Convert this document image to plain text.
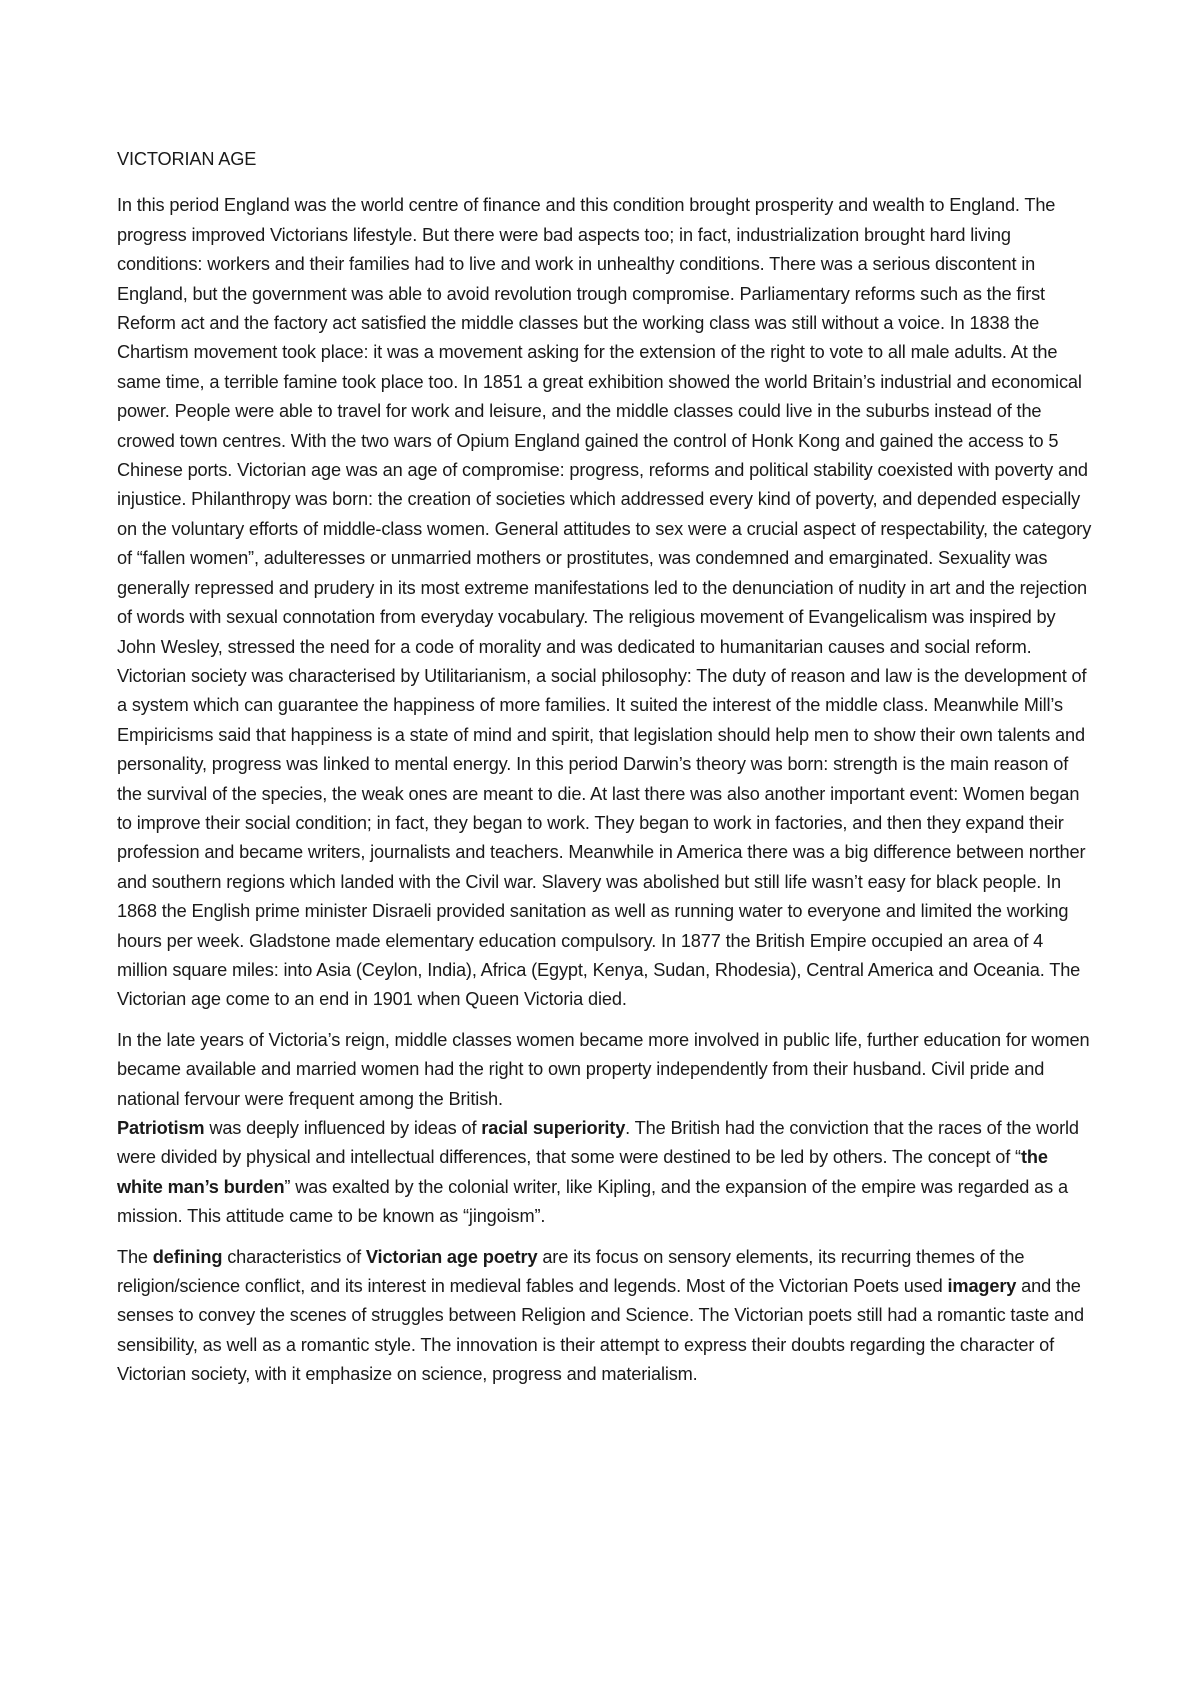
VICTORIAN AGE

In this period England was the world centre of finance and this condition brought prosperity and wealth to England. The progress improved Victorians lifestyle. But there were bad aspects too; in fact, industrialization brought hard living conditions: workers and their families had to live and work in unhealthy conditions. There was a serious discontent in England, but the government was able to avoid revolution trough compromise. Parliamentary reforms such as the first Reform act and the factory act satisfied the middle classes but the working class was still without a voice. In 1838 the Chartism movement took place: it was a movement asking for the extension of the right to vote to all male adults. At the same time, a terrible famine took place too. In 1851 a great exhibition showed the world Britain’s industrial and economical power. People were able to travel for work and leisure, and the middle classes could live in the suburbs instead of the crowed town centres. With the two wars of Opium England gained the control of Honk Kong and gained the access to 5 Chinese ports. Victorian age was an age of compromise: progress, reforms and political stability coexisted with poverty and injustice. Philanthropy was born: the creation of societies which addressed every kind of poverty, and depended especially on the voluntary efforts of middle-class women. General attitudes to sex were a crucial aspect of respectability, the category of “fallen women”, adulteresses or unmarried mothers or prostitutes, was condemned and emarginated. Sexuality was generally repressed and prudery in its most extreme manifestations led to the denunciation of nudity in art and the rejection of words with sexual connotation from everyday vocabulary. The religious movement of Evangelicalism was inspired by John Wesley, stressed the need for a code of morality and was dedicated to humanitarian causes and social reform. Victorian society was characterised by Utilitarianism, a social philosophy: The duty of reason and law is the development of a system which can guarantee the happiness of more families. It suited the interest of the middle class. Meanwhile Mill’s Empiricisms said that happiness is a state of mind and spirit, that legislation should help men to show their own talents and personality, progress was linked to mental energy. In this period Darwin’s theory was born: strength is the main reason of the survival of the species, the weak ones are meant to die. At last there was also another important event: Women began to improve their social condition; in fact, they began to work. They began to work in factories, and then they expand their profession and became writers, journalists and teachers. Meanwhile in America there was a big difference between norther and southern regions which landed with the Civil war. Slavery was abolished but still life wasn’t easy for black people. In 1868 the English prime minister Disraeli provided sanitation as well as running water to everyone and limited the working hours per week. Gladstone made elementary education compulsory. In 1877 the British Empire occupied an area of 4 million square miles: into Asia (Ceylon, India), Africa (Egypt, Kenya, Sudan, Rhodesia), Central America and Oceania. The Victorian age come to an end in 1901 when Queen Victoria died.

In the late years of Victoria’s reign, middle classes women became more involved in public life, further education for women became available and married women had the right to own property independently from their husband. Civil pride and national fervour were frequent among the British.

Patriotism was deeply influenced by ideas of racial superiority. The British had the conviction that the races of the world were divided by physical and intellectual differences, that some were destined to be led by others. The concept of “the white man’s burden” was exalted by the colonial writer, like Kipling, and the expansion of the empire was regarded as a mission. This attitude came to be known as “jingoism”.

The defining characteristics of Victorian age poetry are its focus on sensory elements, its recurring themes of the religion/science conflict, and its interest in medieval fables and legends. Most of the Victorian Poets used imagery and the senses to convey the scenes of struggles between Religion and Science. The Victorian poets still had a romantic taste and sensibility, as well as a romantic style. The innovation is their attempt to express their doubts regarding the character of Victorian society, with it emphasize on science, progress and materialism.
